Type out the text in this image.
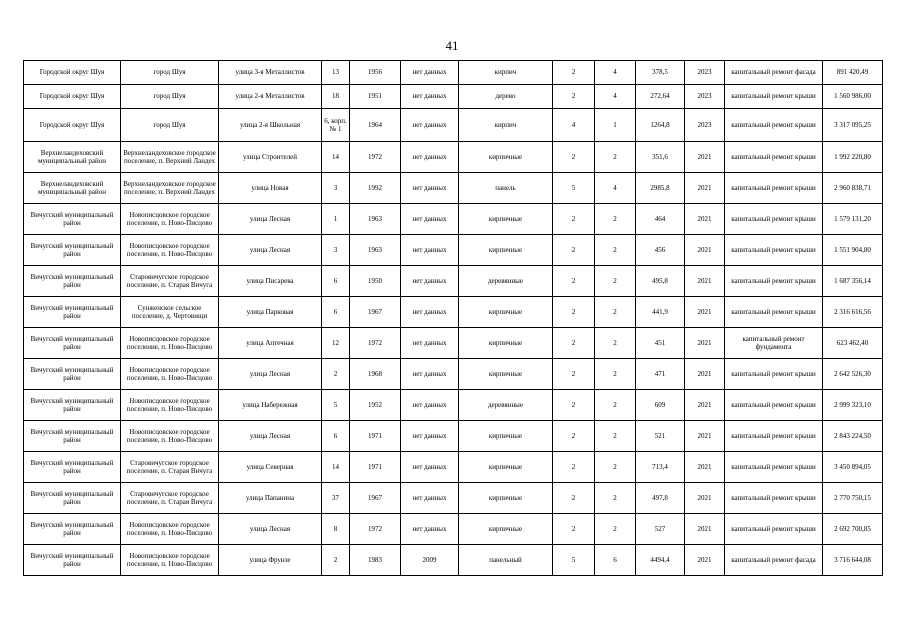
41
Городской округ Шуя	город Шуя	улица 3-я Металлистов	13	1956	нет данных	кирпич	2	4	378,5	2023	капитальный ремонт фасада	891 420,49
Городской округ Шуя	город Шуя	улица 2-я Металлистов	18	1951	нет данных	дерево	2	4	272,64	2023	капитальный ремонт крыши	1 560 986,00
Городской округ Шуя	город Шуя	улица 2-я Школьная	6, корп. № 1	1964	нет данных	кирпич	4	1	1264,8	2023	капитальный ремонт крыши	3 317 095,25
Верхнеландеховский муниципальный район	Верхнеландеховское городское поселение, п. Верхний Ландех	улица Строителей	14	1972	нет данных	кирпичные	2	2	351,6	2021	капитальный ремонт крыши	1 992 220,80
Верхнеландеховский муниципальный район	Верхнеландеховское городское поселение, п. Верхний Ландех	улица Новая	3	1992	нет данных	панель	5	4	2985,8	2021	капитальный ремонт крыши	2 960 838,71
Вичугский муниципальный район	Новописцовское городское поселение, п. Ново-Писцово	улица Лесная	1	1963	нет данных	кирпичные	2	2	464	2021	капитальный ремонт крыши	1 579 131,20
Вичугский муниципальный район	Новописцовское городское поселение, п. Ново-Писцово	улица Лесная	3	1963	нет данных	кирпичные	2	2	456	2021	капитальный ремонт крыши	1 551 904,80
Вичугский муниципальный район	Старовичугское городское поселение, п. Старая Вичуга	улица Писарева	6	1950	нет данных	деревянные	2	2	495,8	2021	капитальный ремонт крыши	1 687 356,14
Вичугский муниципальный район	Сунженское сельское поселение, д. Чертовищи	улица Парковая	6	1967	нет данных	кирпичные	2	2	441,9	2021	капитальный ремонт крыши	2 316 616,56
Вичугский муниципальный район	Новописцовское городское поселение, п. Ново-Писцово	улица Аптечная	12	1972	нет данных	кирпичные	2	2	451	2021	капитальный ремонт фундамента	623 462,40
Вичугский муниципальный район	Новописцовское городское поселение, п. Ново-Писцово	улица Лесная	2	1968	нет данных	кирпичные	2	2	471	2021	капитальный ремонт крыши	2 642 526,30
Вичугский муниципальный район	Новописцовское городское поселение, п. Ново-Писцово	улица Набережная	5	1952	нет данных	деревянные	2	2	609	2021	капитальный ремонт крыши	2 999 323,10
Вичугский муниципальный район	Новописцовское городское поселение, п. Ново-Писцово	улица Лесная	6	1971	нет данных	кирпичные	2	2	521	2021	капитальный ремонт крыши	2 843 224,50
Вичугский муниципальный район	Старовичугское городское поселение, п. Старая Вичуга	улица Северная	14	1971	нет данных	кирпичные	2	2	713,4	2021	капитальный ремонт крыши	3 450 894,05
Вичугский муниципальный район	Старовичугское городское поселение, п. Старая Вичуга	улица Папанина	37	1967	нет данных	кирпичные	2	2	497,8	2021	капитальный ремонт крыши	2 770 750,15
Вичугский муниципальный район	Новописцовское городское поселение, п. Ново-Писцово	улица Лесная	8	1972	нет данных	кирпичные	2	2	527	2021	капитальный ремонт крыши	2 692 700,85
Вичугский муниципальный район	Новописцовское городское поселение, п. Ново-Писцово	улица Фрунзе	2	1983	2009	панельный	5	6	4494,4	2021	капитальный ремонт фасада	3 716 644,08
